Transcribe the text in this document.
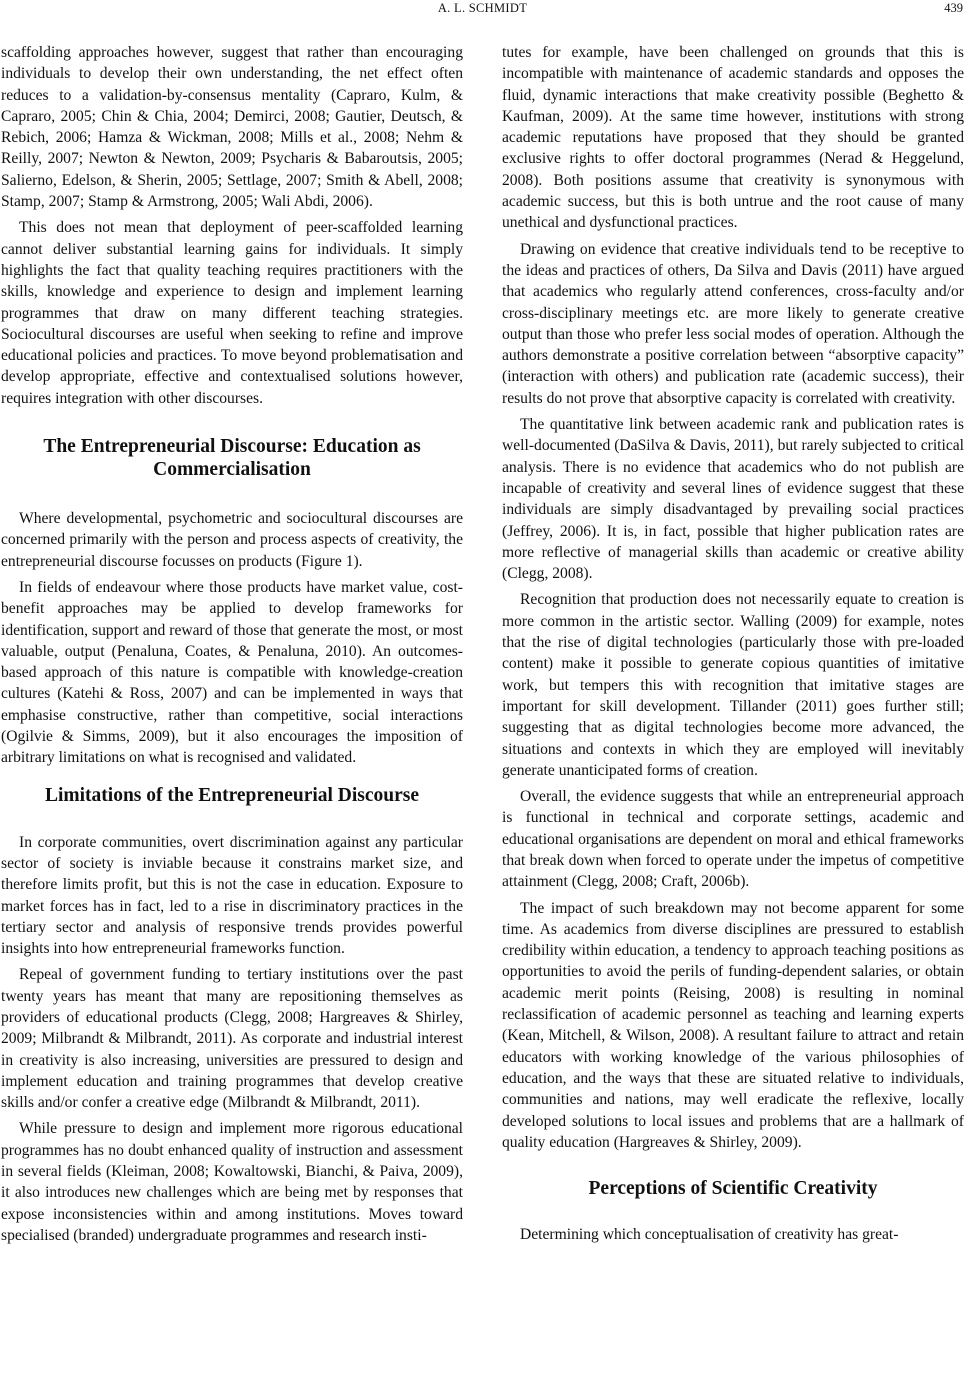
A. L. SCHMIDT	439

scaffolding approaches however, suggest that rather than encouraging individuals to develop their own understanding, the net effect often reduces to a validation-by-consensus mentality (Capraro, Kulm, & Capraro, 2005; Chin & Chia, 2004; Demirci, 2008; Gautier, Deutsch, & Rebich, 2006; Hamza & Wickman, 2008; Mills et al., 2008; Nehm & Reilly, 2007; Newton & Newton, 2009; Psycharis & Babaroutsis, 2005; Salierno, Edelson, & Sherin, 2005; Settlage, 2007; Smith & Abell, 2008; Stamp, 2007; Stamp & Armstrong, 2005; Wali Abdi, 2006).

This does not mean that deployment of peer-scaffolded learning cannot deliver substantial learning gains for individuals. It simply highlights the fact that quality teaching requires practitioners with the skills, knowledge and experience to design and implement learning programmes that draw on many different teaching strategies. Sociocultural discourses are useful when seeking to refine and improve educational policies and practices. To move beyond problematisation and develop appropriate, effective and contextualised solutions however, requires integration with other discourses.

The Entrepreneurial Discourse: Education as Commercialisation

Where developmental, psychometric and sociocultural discourses are concerned primarily with the person and process aspects of creativity, the entrepreneurial discourse focusses on products (Figure 1).

In fields of endeavour where those products have market value, cost-benefit approaches may be applied to develop frameworks for identification, support and reward of those that generate the most, or most valuable, output (Penaluna, Coates, & Penaluna, 2010). An outcomes-based approach of this nature is compatible with knowledge-creation cultures (Katehi & Ross, 2007) and can be implemented in ways that emphasise constructive, rather than competitive, social interactions (Ogilvie & Simms, 2009), but it also encourages the imposition of arbitrary limitations on what is recognised and validated.

Limitations of the Entrepreneurial Discourse

In corporate communities, overt discrimination against any particular sector of society is inviable because it constrains market size, and therefore limits profit, but this is not the case in education. Exposure to market forces has in fact, led to a rise in discriminatory practices in the tertiary sector and analysis of responsive trends provides powerful insights into how entrepreneurial frameworks function.

Repeal of government funding to tertiary institutions over the past twenty years has meant that many are repositioning themselves as providers of educational products (Clegg, 2008; Hargreaves & Shirley, 2009; Milbrandt & Milbrandt, 2011). As corporate and industrial interest in creativity is also increasing, universities are pressured to design and implement education and training programmes that develop creative skills and/or confer a creative edge (Milbrandt & Milbrandt, 2011).

While pressure to design and implement more rigorous educational programmes has no doubt enhanced quality of instruction and assessment in several fields (Kleiman, 2008; Kowaltowski, Bianchi, & Paiva, 2009), it also introduces new challenges which are being met by responses that expose inconsistencies within and among institutions. Moves toward specialised (branded) undergraduate programmes and research insti-

tutes for example, have been challenged on grounds that this is incompatible with maintenance of academic standards and opposes the fluid, dynamic interactions that make creativity possible (Beghetto & Kaufman, 2009). At the same time however, institutions with strong academic reputations have proposed that they should be granted exclusive rights to offer doctoral programmes (Nerad & Heggelund, 2008). Both positions assume that creativity is synonymous with academic success, but this is both untrue and the root cause of many unethical and dysfunctional practices.

Drawing on evidence that creative individuals tend to be receptive to the ideas and practices of others, Da Silva and Davis (2011) have argued that academics who regularly attend conferences, cross-faculty and/or cross-disciplinary meetings etc. are more likely to generate creative output than those who prefer less social modes of operation. Although the authors demonstrate a positive correlation between “absorptive capacity” (interaction with others) and publication rate (academic success), their results do not prove that absorptive capacity is correlated with creativity.

The quantitative link between academic rank and publication rates is well-documented (DaSilva & Davis, 2011), but rarely subjected to critical analysis. There is no evidence that academics who do not publish are incapable of creativity and several lines of evidence suggest that these individuals are simply disadvantaged by prevailing social practices (Jeffrey, 2006). It is, in fact, possible that higher publication rates are more reflective of managerial skills than academic or creative ability (Clegg, 2008).

Recognition that production does not necessarily equate to creation is more common in the artistic sector. Walling (2009) for example, notes that the rise of digital technologies (particularly those with pre-loaded content) make it possible to generate copious quantities of imitative work, but tempers this with recognition that imitative stages are important for skill development. Tillander (2011) goes further still; suggesting that as digital technologies become more advanced, the situations and contexts in which they are employed will inevitably generate unanticipated forms of creation.

Overall, the evidence suggests that while an entrepreneurial approach is functional in technical and corporate settings, academic and educational organisations are dependent on moral and ethical frameworks that break down when forced to operate under the impetus of competitive attainment (Clegg, 2008; Craft, 2006b).

The impact of such breakdown may not become apparent for some time. As academics from diverse disciplines are pressured to establish credibility within education, a tendency to approach teaching positions as opportunities to avoid the perils of funding-dependent salaries, or obtain academic merit points (Reising, 2008) is resulting in nominal reclassification of academic personnel as teaching and learning experts (Kean, Mitchell, & Wilson, 2008). A resultant failure to attract and retain educators with working knowledge of the various philosophies of education, and the ways that these are situated relative to individuals, communities and nations, may well eradicate the reflexive, locally developed solutions to local issues and problems that are a hallmark of quality education (Hargreaves & Shirley, 2009).

Perceptions of Scientific Creativity

Determining which conceptualisation of creativity has great-
